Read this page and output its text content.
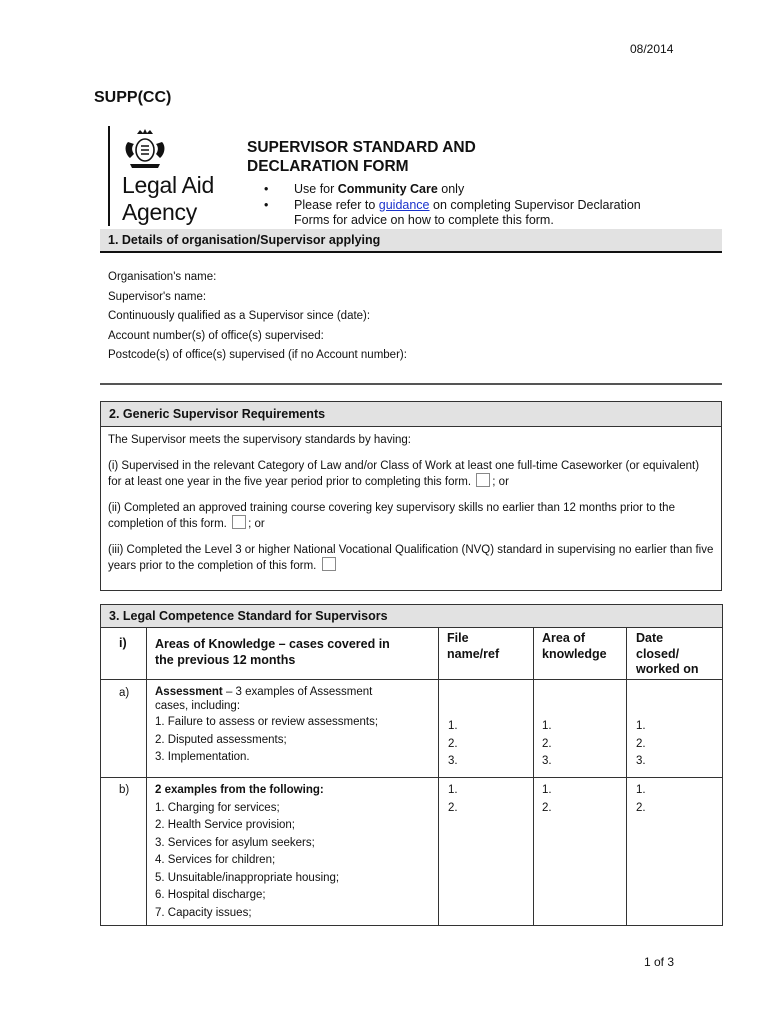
08/2014
SUPP(CC)
Legal Aid
Agency
SUPERVISOR STANDARD AND
DECLARATION FORM
• Use for Community Care only
• Please refer to guidance on completing Supervisor Declaration
Forms for advice on how to complete this form.
1. Details of organisation/Supervisor applying
Organisation's name:
Supervisor's name:
Continuously qualified as a Supervisor since (date):
Account number(s) of office(s) supervised:
Postcode(s) of office(s) supervised (if no Account number):
2. Generic Supervisor Requirements

The Supervisor meets the supervisory standards by having:

(i) Supervised in the relevant Category of Law and/or Class of Work at least one full-time Caseworker (or equivalent) for at least one year in the five year period prior to completing this form. ; or

(ii) Completed an approved training course covering key supervisory skills no earlier than 12 months prior to the completion of this form. ; or

(iii) Completed the Level 3 or higher National Vocational Qualification (NVQ) standard in supervising no earlier than five years prior to the completion of this form.

3. Legal Competence Standard for Supervisors
i) Areas of Knowledge – cases covered in
the previous 12 months
File
name/ref
Area of
knowledge
Date
closed/
worked on
a) Assessment – 3 examples of Assessment
cases, including:
1. Failure to assess or review assessments;
2. Disputed assessments;
3. Implementation.
1.
2.
3.
1.
2.
3.
1.
2.
3.
b) 2 examples from the following:
1. Charging for services;
2. Health Service provision;
3. Services for asylum seekers;
4. Services for children;
5. Unsuitable/inappropriate housing;
6. Hospital discharge;
7. Capacity issues;
1.
2.
1.
2.
1.
2.
1 of 3
